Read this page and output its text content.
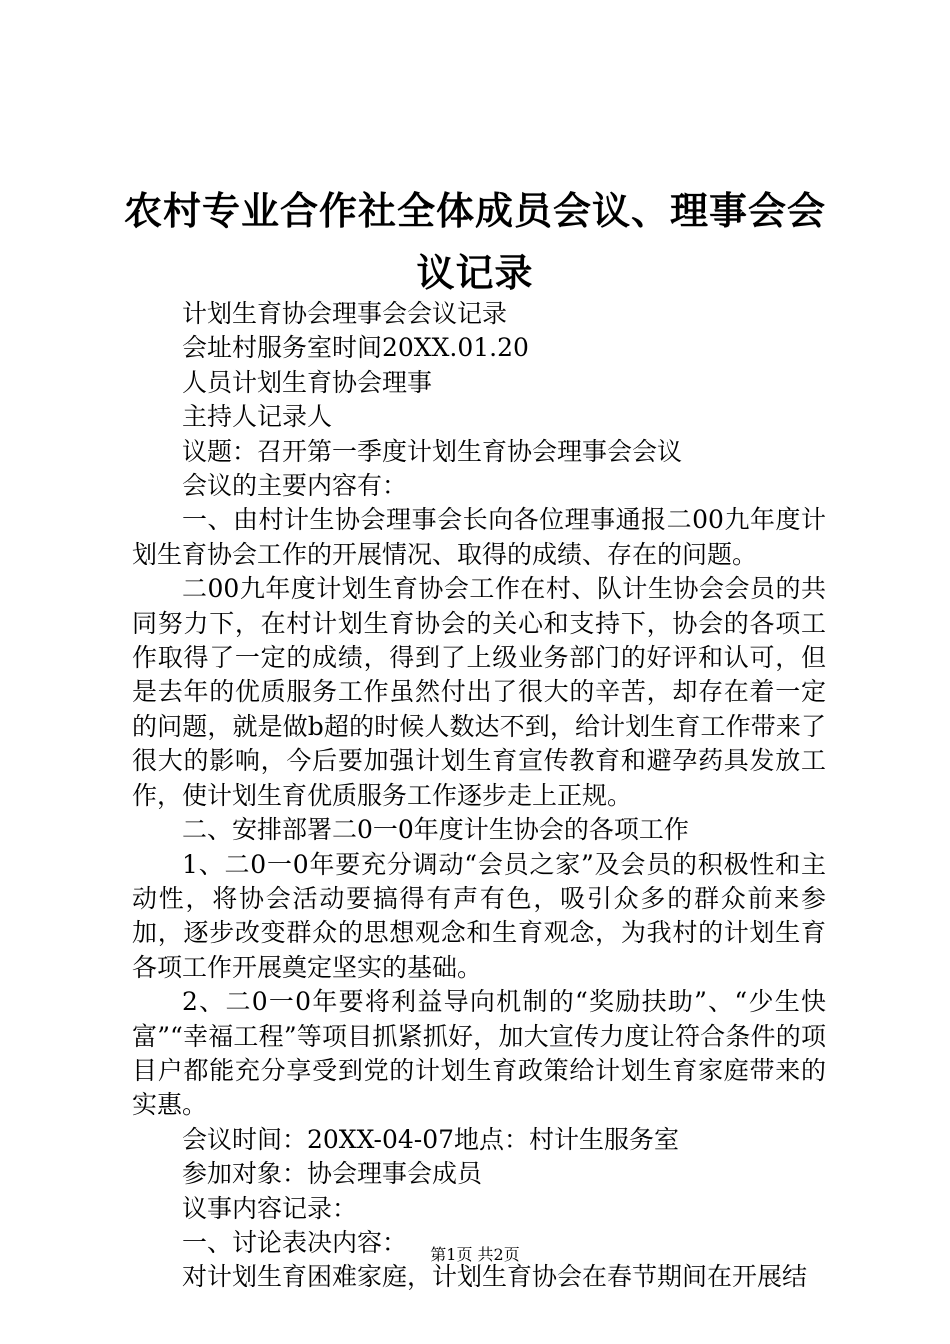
农村专业合作社全体成员会议、理事会会议记录

计划生育协会理事会会议记录

会址村服务室时间20XX.01.20

人员计划生育协会理事

主持人记录人

议题：召开第一季度计划生育协会理事会会议

会议的主要内容有：

一、由村计生协会理事会长向各位理事通报二00九年度计划生育协会工作的开展情况、取得的成绩、存在的问题。

二00九年度计划生育协会工作在村、队计生协会会员的共同努力下，在村计划生育协会的关心和支持下，协会的各项工作取得了一定的成绩，得到了上级业务部门的好评和认可，但是去年的优质服务工作虽然付出了很大的辛苦，却存在着一定的问题，就是做b超的时候人数达不到，给计划生育工作带来了很大的影响，今后要加强计划生育宣传教育和避孕药具发放工作，使计划生育优质服务工作逐步走上正规。

二、安排部署二0一0年度计生协会的各项工作

1、二0一0年要充分调动“会员之家”及会员的积极性和主动性，将协会活动要搞得有声有色，吸引众多的群众前来参加，逐步改变群众的思想观念和生育观念，为我村的计划生育各项工作开展奠定坚实的基础。

2、二0一0年要将利益导向机制的“奖励扶助”、“少生快富”“幸福工程”等项目抓紧抓好，加大宣传力度让符合条件的项目户都能充分享受到党的计划生育政策给计划生育家庭带来的实惠。

会议时间：20XX-04-07地点：村计生服务室

参加对象：协会理事会成员

议事内容记录：

一、讨论表决内容：

对计划生育困难家庭，计划生育协会在春节期间在开展结

第1页 共2页
